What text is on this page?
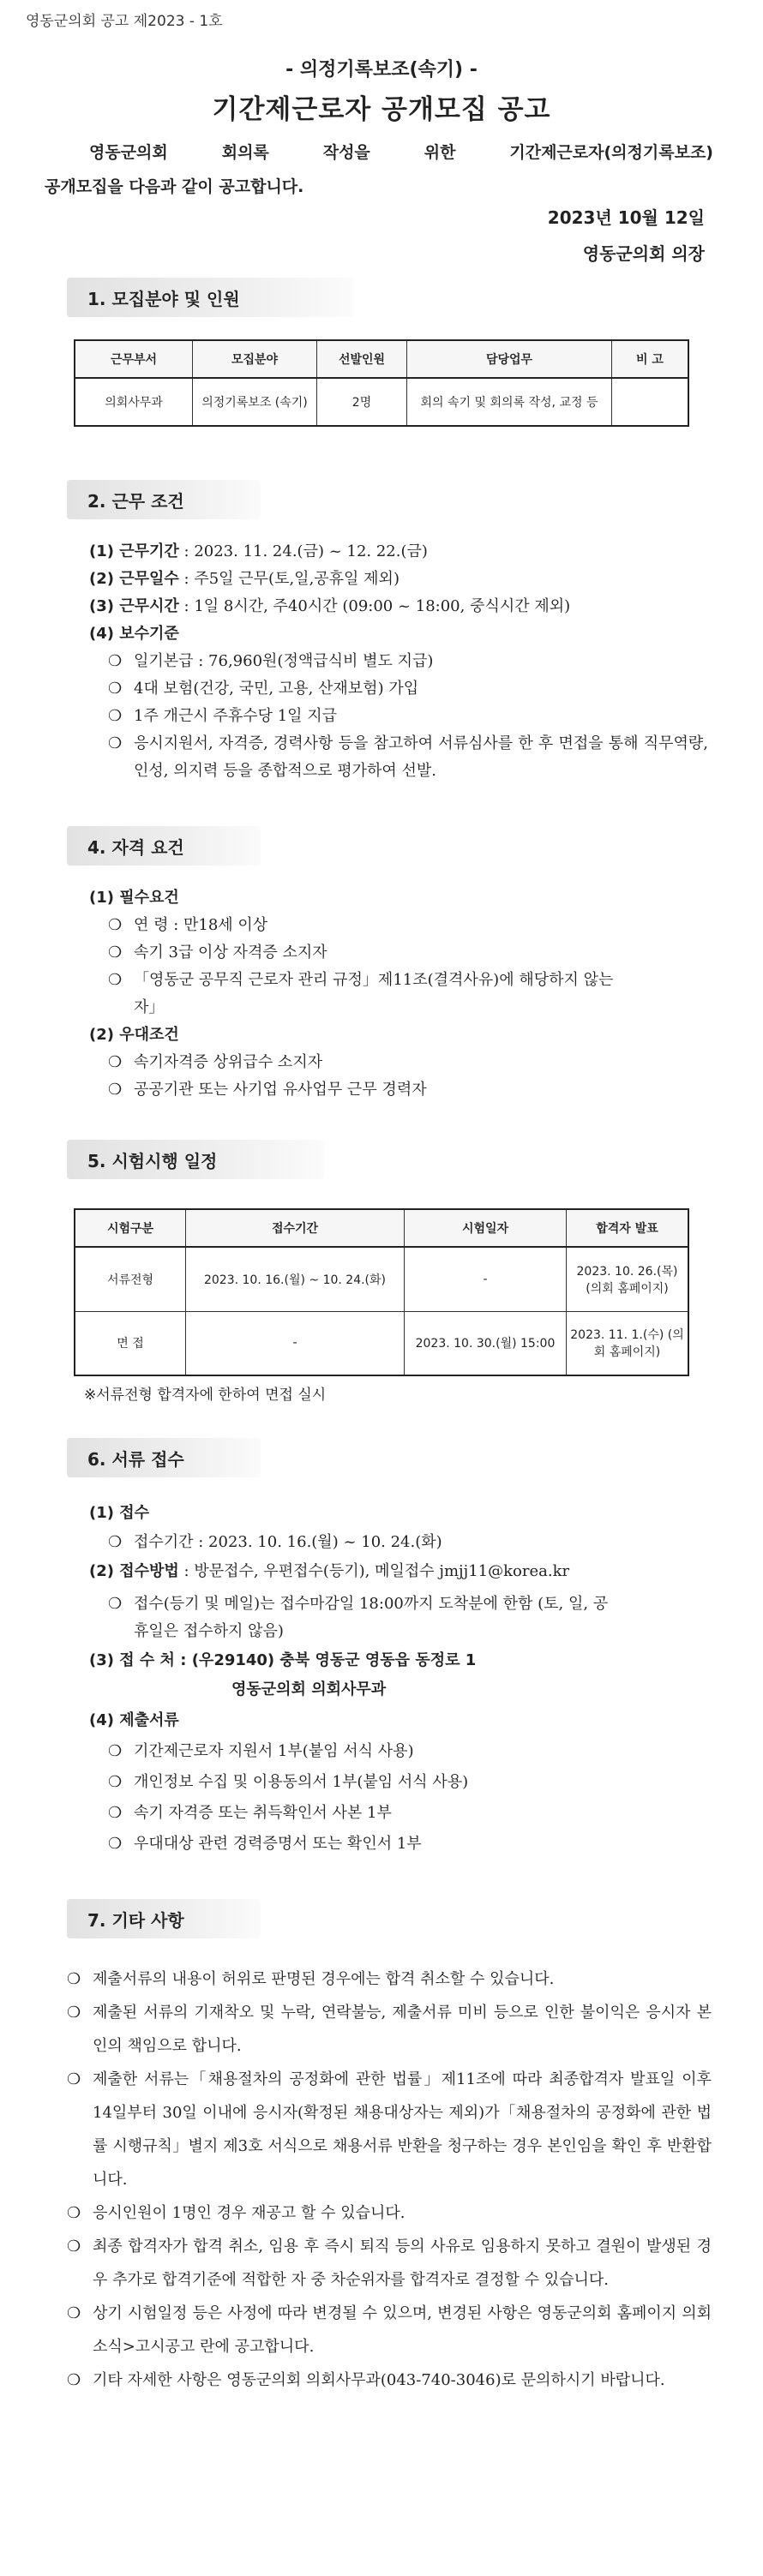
영동군의회 공고 제2023 - 1호
- 의정기록보조(속기) -
기간제근로자 공개모집 공고
영동군의회 회의록 작성을 위한 기간제근로자(의정기록보조)
공개모집을 다음과 같이 공고합니다.
2023년 10월 12일
영동군의회 의장
1. 모집분야 및 인원
근무부서	모집분야	선발인원	담당업무	비 고
의회사무과	의정기록보조 (속기)	2명	회의 속기 및 회의록 작성, 교정 등	
2. 근무 조건
(1) 근무기간 : 2023. 11. 24.(금) ~ 12. 22.(금)
(2) 근무일수 : 주5일 근무(토,일,공휴일 제외)
(3) 근무시간 : 1일 8시간, 주40시간 (09:00 ~ 18:00, 중식시간 제외)
(4) 보수기준
❍ 일기본급 : 76,960원(정액급식비 별도 지급)
❍ 4대 보험(건강, 국민, 고용, 산재보험) 가입
❍ 1주 개근시 주휴수당 1일 지급
❍ 응시지원서, 자격증, 경력사항 등을 참고하여 서류심사를 한 후 면접을 통해 직무역량, 인성, 의지력 등을 종합적으로 평가하여 선발.
4. 자격 요건
(1) 필수요건
❍ 연 령 : 만18세 이상
❍ 속기 3급 이상 자격증 소지자
❍ 「영동군 공무직 근로자 관리 규정」제11조(결격사유)에 해당하지 않는 자」
(2) 우대조건
❍ 속기자격증 상위급수 소지자
❍ 공공기관 또는 사기업 유사업무 근무 경력자
5. 시험시행 일정
시험구분	접수기간	시험일자	합격자 발표
서류전형	2023. 10. 16.(월) ~ 10. 24.(화)	-	2023. 10. 26.(목) (의회 홈페이지)
면 접	-	2023. 10. 30.(월) 15:00	2023. 11. 1.(수) (의회 홈페이지)
※서류전형 합격자에 한하여 면접 실시
6. 서류 접수
(1) 접수
❍ 접수기간 : 2023. 10. 16.(월) ~ 10. 24.(화)
(2) 접수방법 : 방문접수, 우편접수(등기), 메일접수 jmjj11@korea.kr
❍ 접수(등기 및 메일)는 접수마감일 18:00까지 도착분에 한함 (토, 일, 공휴일은 접수하지 않음)
(3) 접 수 처 : (우29140) 충북 영동군 영동읍 동정로 1
영동군의회 의회사무과
(4) 제출서류
❍ 기간제근로자 지원서 1부(붙임 서식 사용)
❍ 개인정보 수집 및 이용동의서 1부(붙임 서식 사용)
❍ 속기 자격증 또는 취득확인서 사본 1부
❍ 우대대상 관련 경력증명서 또는 확인서 1부
7. 기타 사항
❍ 제출서류의 내용이 허위로 판명된 경우에는 합격 취소할 수 있습니다.
❍ 제출된 서류의 기재착오 및 누락, 연락불능, 제출서류 미비 등으로 인한 불이익은 응시자 본인의 책임으로 합니다.
❍ 제출한 서류는「채용절차의 공정화에 관한 법률」제11조에 따라 최종합격자 발표일 이후 14일부터 30일 이내에 응시자(확정된 채용대상자는 제외)가「채용절차의 공정화에 관한 법률 시행규칙」별지 제3호 서식으로 채용서류 반환을 청구하는 경우 본인임을 확인 후 반환합니다.
❍ 응시인원이 1명인 경우 재공고 할 수 있습니다.
❍ 최종 합격자가 합격 취소, 임용 후 즉시 퇴직 등의 사유로 임용하지 못하고 결원이 발생된 경우 추가로 합격기준에 적합한 자 중 차순위자를 합격자로 결정할 수 있습니다.
❍ 상기 시험일정 등은 사정에 따라 변경될 수 있으며, 변경된 사항은 영동군의회 홈페이지 의회소식>고시공고 란에 공고합니다.
❍ 기타 자세한 사항은 영동군의회 의회사무과(043-740-3046)로 문의하시기 바랍니다.
